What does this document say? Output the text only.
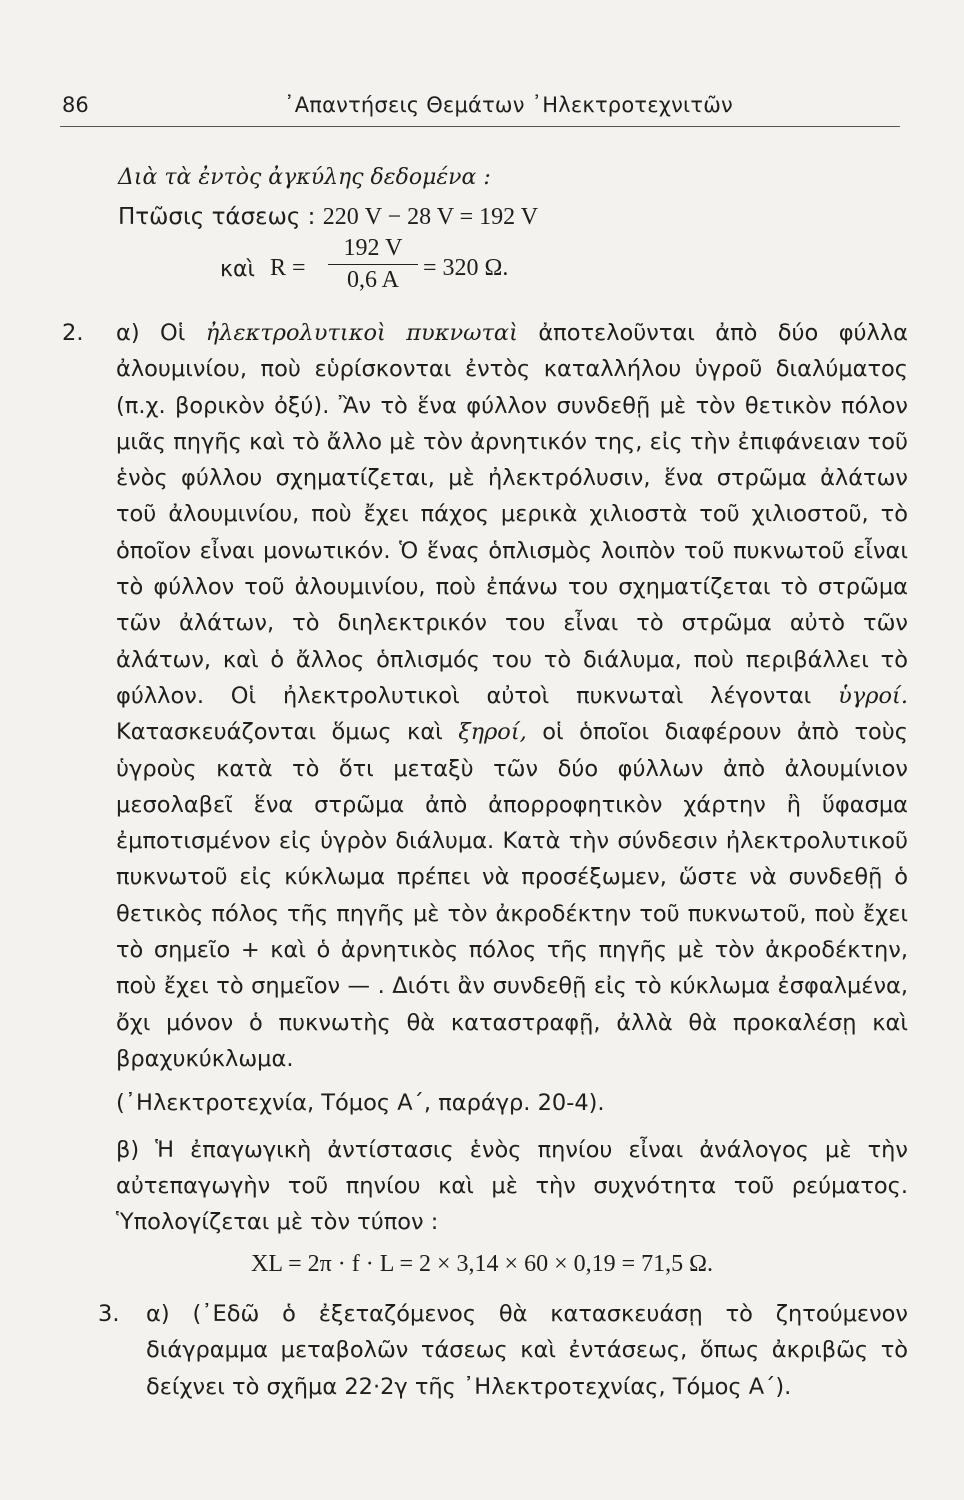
86	᾽Απαντήσεις Θεμάτων ᾽Ηλεκτροτεχνιτῶν
Διὰ τὰ ἐντὸς ἀγκύλης δεδομένα :
Πτῶσις τάσεως : 220 V − 28 V = 192 V
καὶ $R = \frac{192 V}{0,6 A} = 320$ Ω.
2. α) Οἱ ἠλεκτρολυτικοὶ πυκνωταὶ ἀποτελοῦνται ἀπὸ δύο φύλλα ἀλουμινίου, ποὺ εὑρίσκονται ἐντὸς καταλλήλου ὑγροῦ διαλύματος (π.χ. βορικὸν ὀξύ). Ἂν τὸ ἕνα φύλλον συνδεθῇ μὲ τὸν θετικὸν πόλον μιᾶς πηγῆς καὶ τὸ ἄλλο μὲ τὸν ἀρνητικόν της, εἰς τὴν ἐπιφάνειαν τοῦ ἑνὸς φύλλου σχηματίζεται, μὲ ἠλεκτρόλυσιν, ἕνα στρῶμα ἀλάτων τοῦ ἀλουμινίου, ποὺ ἔχει πάχος μερικὰ χιλιοστὰ τοῦ χιλιοστοῦ, τὸ ὁποῖον εἶναι μονωτικόν. Ὁ ἕνας ὁπλισμὸς λοιπὸν τοῦ πυκνωτοῦ εἶναι τὸ φύλλον τοῦ ἀλουμινίου, ποὺ ἐπάνω του σχηματίζεται τὸ στρῶμα τῶν ἀλάτων, τὸ διηλεκτρικόν του εἶναι τὸ στρῶμα αὐτὸ τῶν ἀλάτων, καὶ ὁ ἄλλος ὁπλισμός του τὸ διάλυμα, ποὺ περιβάλλει τὸ φύλλον. Οἱ ἠλεκτρολυτικοὶ αὐτοὶ πυκνωταὶ λέγονται ὑγροί. Κατασκευάζονται ὅμως καὶ ξηροί, οἱ ὁποῖοι διαφέρουν ἀπὸ τοὺς ὑγροὺς κατὰ τὸ ὅτι μεταξὺ τῶν δύο φύλλων ἀπὸ ἀλουμίνιον μεσολαβεῖ ἕνα στρῶμα ἀπὸ ἀπορροφητικὸν χάρτην ἢ ὕφασμα ἐμποτισμένον εἰς ὑγρὸν διάλυμα. Κατὰ τὴν σύνδεσιν ἠλεκτρολυτικοῦ πυκνωτοῦ εἰς κύκλωμα πρέπει νὰ προσέξωμεν, ὥστε νὰ συνδεθῇ ὁ θετικὸς πόλος τῆς πηγῆς μὲ τὸν ἀκροδέκτην τοῦ πυκνωτοῦ, ποὺ ἔχει τὸ σημεῖο + καὶ ὁ ἀρνητικὸς πόλος τῆς πηγῆς μὲ τὸν ἀκροδέκτην, ποὺ ἔχει τὸ σημεῖον — . Διότι ἂν συνδεθῇ εἰς τὸ κύκλωμα ἐσφαλμένα, ὄχι μόνον ὁ πυκνωτὴς θὰ καταστραφῇ, ἀλλὰ θὰ προκαλέσῃ καὶ βραχυκύκλωμα.

(᾽Ηλεκτροτεχνία, Τόμος Α΄, παράγρ. 20-4).

β) Ἡ ἐπαγωγικὴ ἀντίστασις ἑνὸς πηνίου εἶναι ἀνάλογος μὲ τὴν αὐτεπαγωγὴν τοῦ πηνίου καὶ μὲ τὴν συχνότητα τοῦ ρεύματος. Ὑπολογίζεται μὲ τὸν τύπον :

XL = 2π · f · L = 2 × 3,14 × 60 × 0,19 = 71,5 Ω.

3. α) (᾽Εδῶ ὁ ἐξεταζόμενος θὰ κατασκευάσῃ τὸ ζητούμενον διάγραμμα μεταβολῶν τάσεως καὶ ἐντάσεως, ὅπως ἀκριβῶς τὸ δείχνει τὸ σχῆμα 22·2γ τῆς ᾽Ηλεκτροτεχνίας, Τόμος Α΄).
